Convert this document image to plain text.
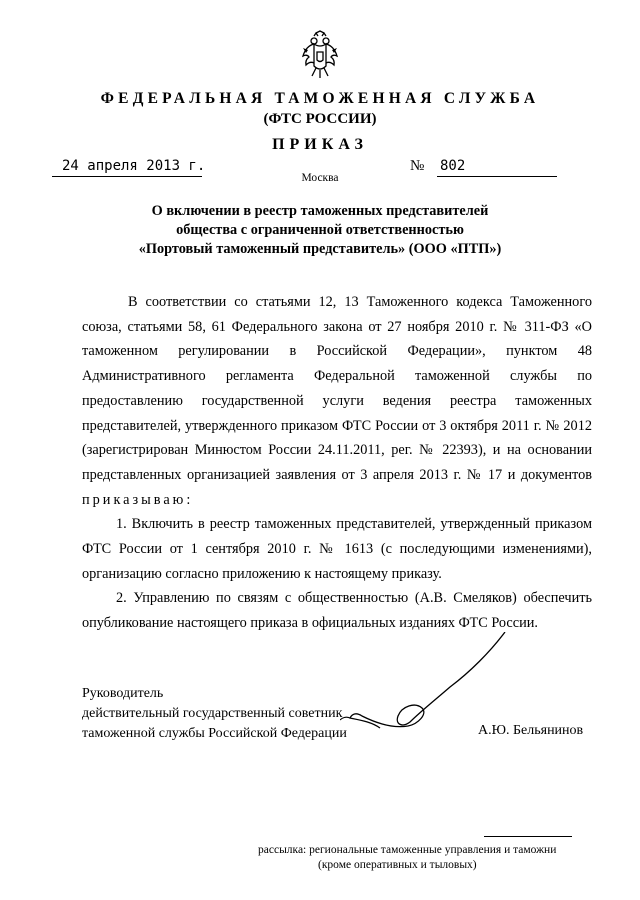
ФЕДЕРАЛЬНАЯ ТАМОЖЕННАЯ СЛУЖБА
(ФТС РОССИИ)
ПРИКАЗ
24 апреля 2013 г.	№ 802
Москва
О включении в реестр таможенных представителей
общества с ограниченной ответственностью
«Портовый таможенный представитель» (ООО «ПТП»)

В соответствии со статьями 12, 13 Таможенного кодекса Таможенного союза, статьями 58, 61 Федерального закона от 27 ноября 2010 г. № 311-ФЗ «О таможенном регулировании в Российской Федерации», пунктом 48 Административного регламента Федеральной таможенной службы по предоставлению государственной услуги ведения реестра таможенных представителей, утвержденного приказом ФТС России от 3 октября 2011 г. № 2012 (зарегистрирован Минюстом России 24.11.2011, рег. № 22393), и на основании представленных организацией заявления от 3 апреля 2013 г. № 17 и документов приказываю:

1. Включить в реестр таможенных представителей, утвержденный приказом ФТС России от 1 сентября 2010 г. № 1613 (с последующими изменениями), организацию согласно приложению к настоящему приказу.

2. Управлению по связям с общественностью (А.В. Смеляков) обеспечить опубликование настоящего приказа в официальных изданиях ФТС России.

Руководитель
действительный государственный советник
таможенной службы Российской Федерации	А.Ю. Бельянинов
рассылка: региональные таможенные управления и таможни
(кроме оперативных и тыловых)
